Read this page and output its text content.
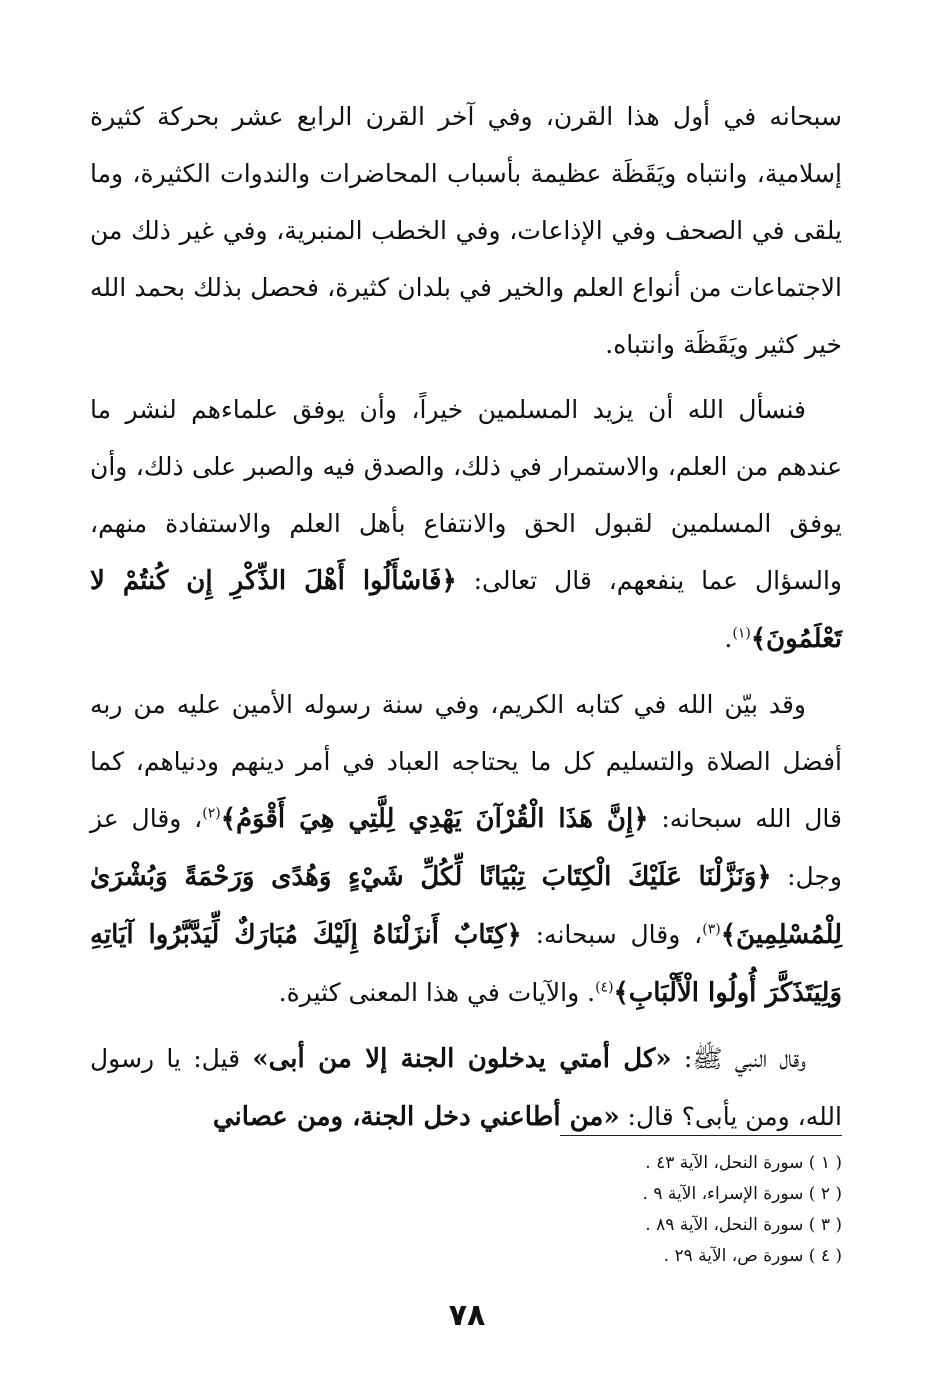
سبحانه في أول هذا القرن، وفي آخر القرن الرابع عشر بحركة كثيرة إسلامية، وانتباه ويَقَظَة عظيمة بأسباب المحاضرات والندوات الكثيرة، وما يلقى في الصحف وفي الإذاعات، وفي الخطب المنبرية، وفي غير ذلك من الاجتماعات من أنواع العلم والخير في بلدان كثيرة، فحصل بذلك بحمد الله خير كثير ويَقَظَة وانتباه.

فنسأل الله أن يزيد المسلمين خيراً، وأن يوفق علماءهم لنشر ما عندهم من العلم، والاستمرار في ذلك، والصدق فيه والصبر على ذلك، وأن يوفق المسلمين لقبول الحق والانتفاع بأهل العلم والاستفادة منهم، والسؤال عما ينفعهم، قال تعالى: ﴿فَاسْأَلُوا أَهْلَ الذِّكْرِ إِن كُنتُمْ لا تَعْلَمُونَ﴾$^{(١)}$.

وقد بيّن الله في كتابه الكريم، وفي سنة رسوله الأمين عليه من ربه أفضل الصلاة والتسليم كل ما يحتاجه العباد في أمر دينهم ودنياهم، كما قال الله سبحانه: ﴿إِنَّ هَذَا الْقُرْآنَ يَهْدِي لِلَّتِي هِيَ أَقْوَمُ﴾$^{(٢)}$، وقال عز وجل: ﴿وَنَزَّلْنَا عَلَيْكَ الْكِتَابَ تِبْيَانًا لِّكُلِّ شَيْءٍ وَهُدًى وَرَحْمَةً وَبُشْرَىٰ لِلْمُسْلِمِينَ﴾$^{(٣)}$، وقال سبحانه: ﴿كِتَابٌ أَنزَلْنَاهُ إِلَيْكَ مُبَارَكٌ لِّيَدَّبَّرُوا آيَاتِهِ وَلِيَتَذَكَّرَ أُولُوا الْأَلْبَابِ﴾$^{(٤)}$. والآيات في هذا المعنى كثيرة.

وقال النبي ﷺ: «كل أمتي يدخلون الجنة إلا من أبى» قيل: يا رسول الله، ومن يأبى؟ قال: «من أطاعني دخل الجنة، ومن عصاني

( ١ ) سورة النحل، الآية ٤٣ .
( ٢ ) سورة الإسراء، الآية ٩ .
( ٣ ) سورة النحل، الآية ٨٩ .
( ٤ ) سورة ص، الآية ٢٩ .
٧٨
